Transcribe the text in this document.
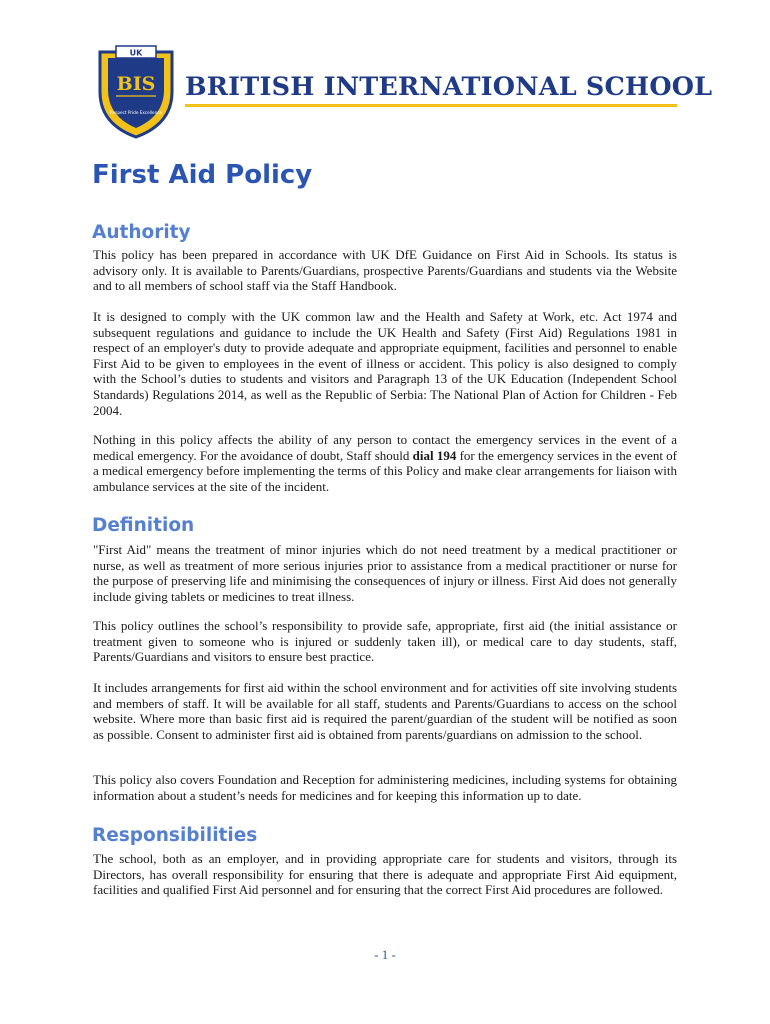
UK
BIS
Respect Pride Excellence
BRITISH INTERNATIONAL SCHOOL
First Aid Policy
Authority

This policy has been prepared in accordance with UK DfE Guidance on First Aid in Schools. Its status is advisory only. It is available to Parents/Guardians, prospective Parents/Guardians and students via the Website and to all members of school staff via the Staff Handbook.

It is designed to comply with the UK common law and the Health and Safety at Work, etc. Act 1974 and subsequent regulations and guidance to include the UK Health and Safety (First Aid) Regulations 1981 in respect of an employer's duty to provide adequate and appropriate equipment, facilities and personnel to enable First Aid to be given to employees in the event of illness or accident. This policy is also designed to comply with the School’s duties to students and visitors and Paragraph 13 of the UK Education (Independent School Standards) Regulations 2014, as well as the Republic of Serbia: The National Plan of Action for Children - Feb 2004.

Nothing in this policy affects the ability of any person to contact the emergency services in the event of a medical emergency. For the avoidance of doubt, Staff should dial 194 for the emergency services in the event of a medical emergency before implementing the terms of this Policy and make clear arrangements for liaison with ambulance services at the site of the incident.

Definition

"First Aid" means the treatment of minor injuries which do not need treatment by a medical practitioner or nurse, as well as treatment of more serious injuries prior to assistance from a medical practitioner or nurse for the purpose of preserving life and minimising the consequences of injury or illness. First Aid does not generally include giving tablets or medicines to treat illness.

This policy outlines the school’s responsibility to provide safe, appropriate, first aid (the initial assistance or treatment given to someone who is injured or suddenly taken ill), or medical care to day students, staff, Parents/Guardians and visitors to ensure best practice.

It includes arrangements for first aid within the school environment and for activities off site involving students and members of staff. It will be available for all staff, students and Parents/Guardians to access on the school website. Where more than basic first aid is required the parent/guardian of the student will be notified as soon as possible. Consent to administer first aid is obtained from parents/guardians on admission to the school.

This policy also covers Foundation and Reception for administering medicines, including systems for obtaining information about a student’s needs for medicines and for keeping this information up to date.

Responsibilities

The school, both as an employer, and in providing appropriate care for students and visitors, through its Directors, has overall responsibility for ensuring that there is adequate and appropriate First Aid equipment, facilities and qualified First Aid personnel and for ensuring that the correct First Aid procedures are followed.

- 1 -
